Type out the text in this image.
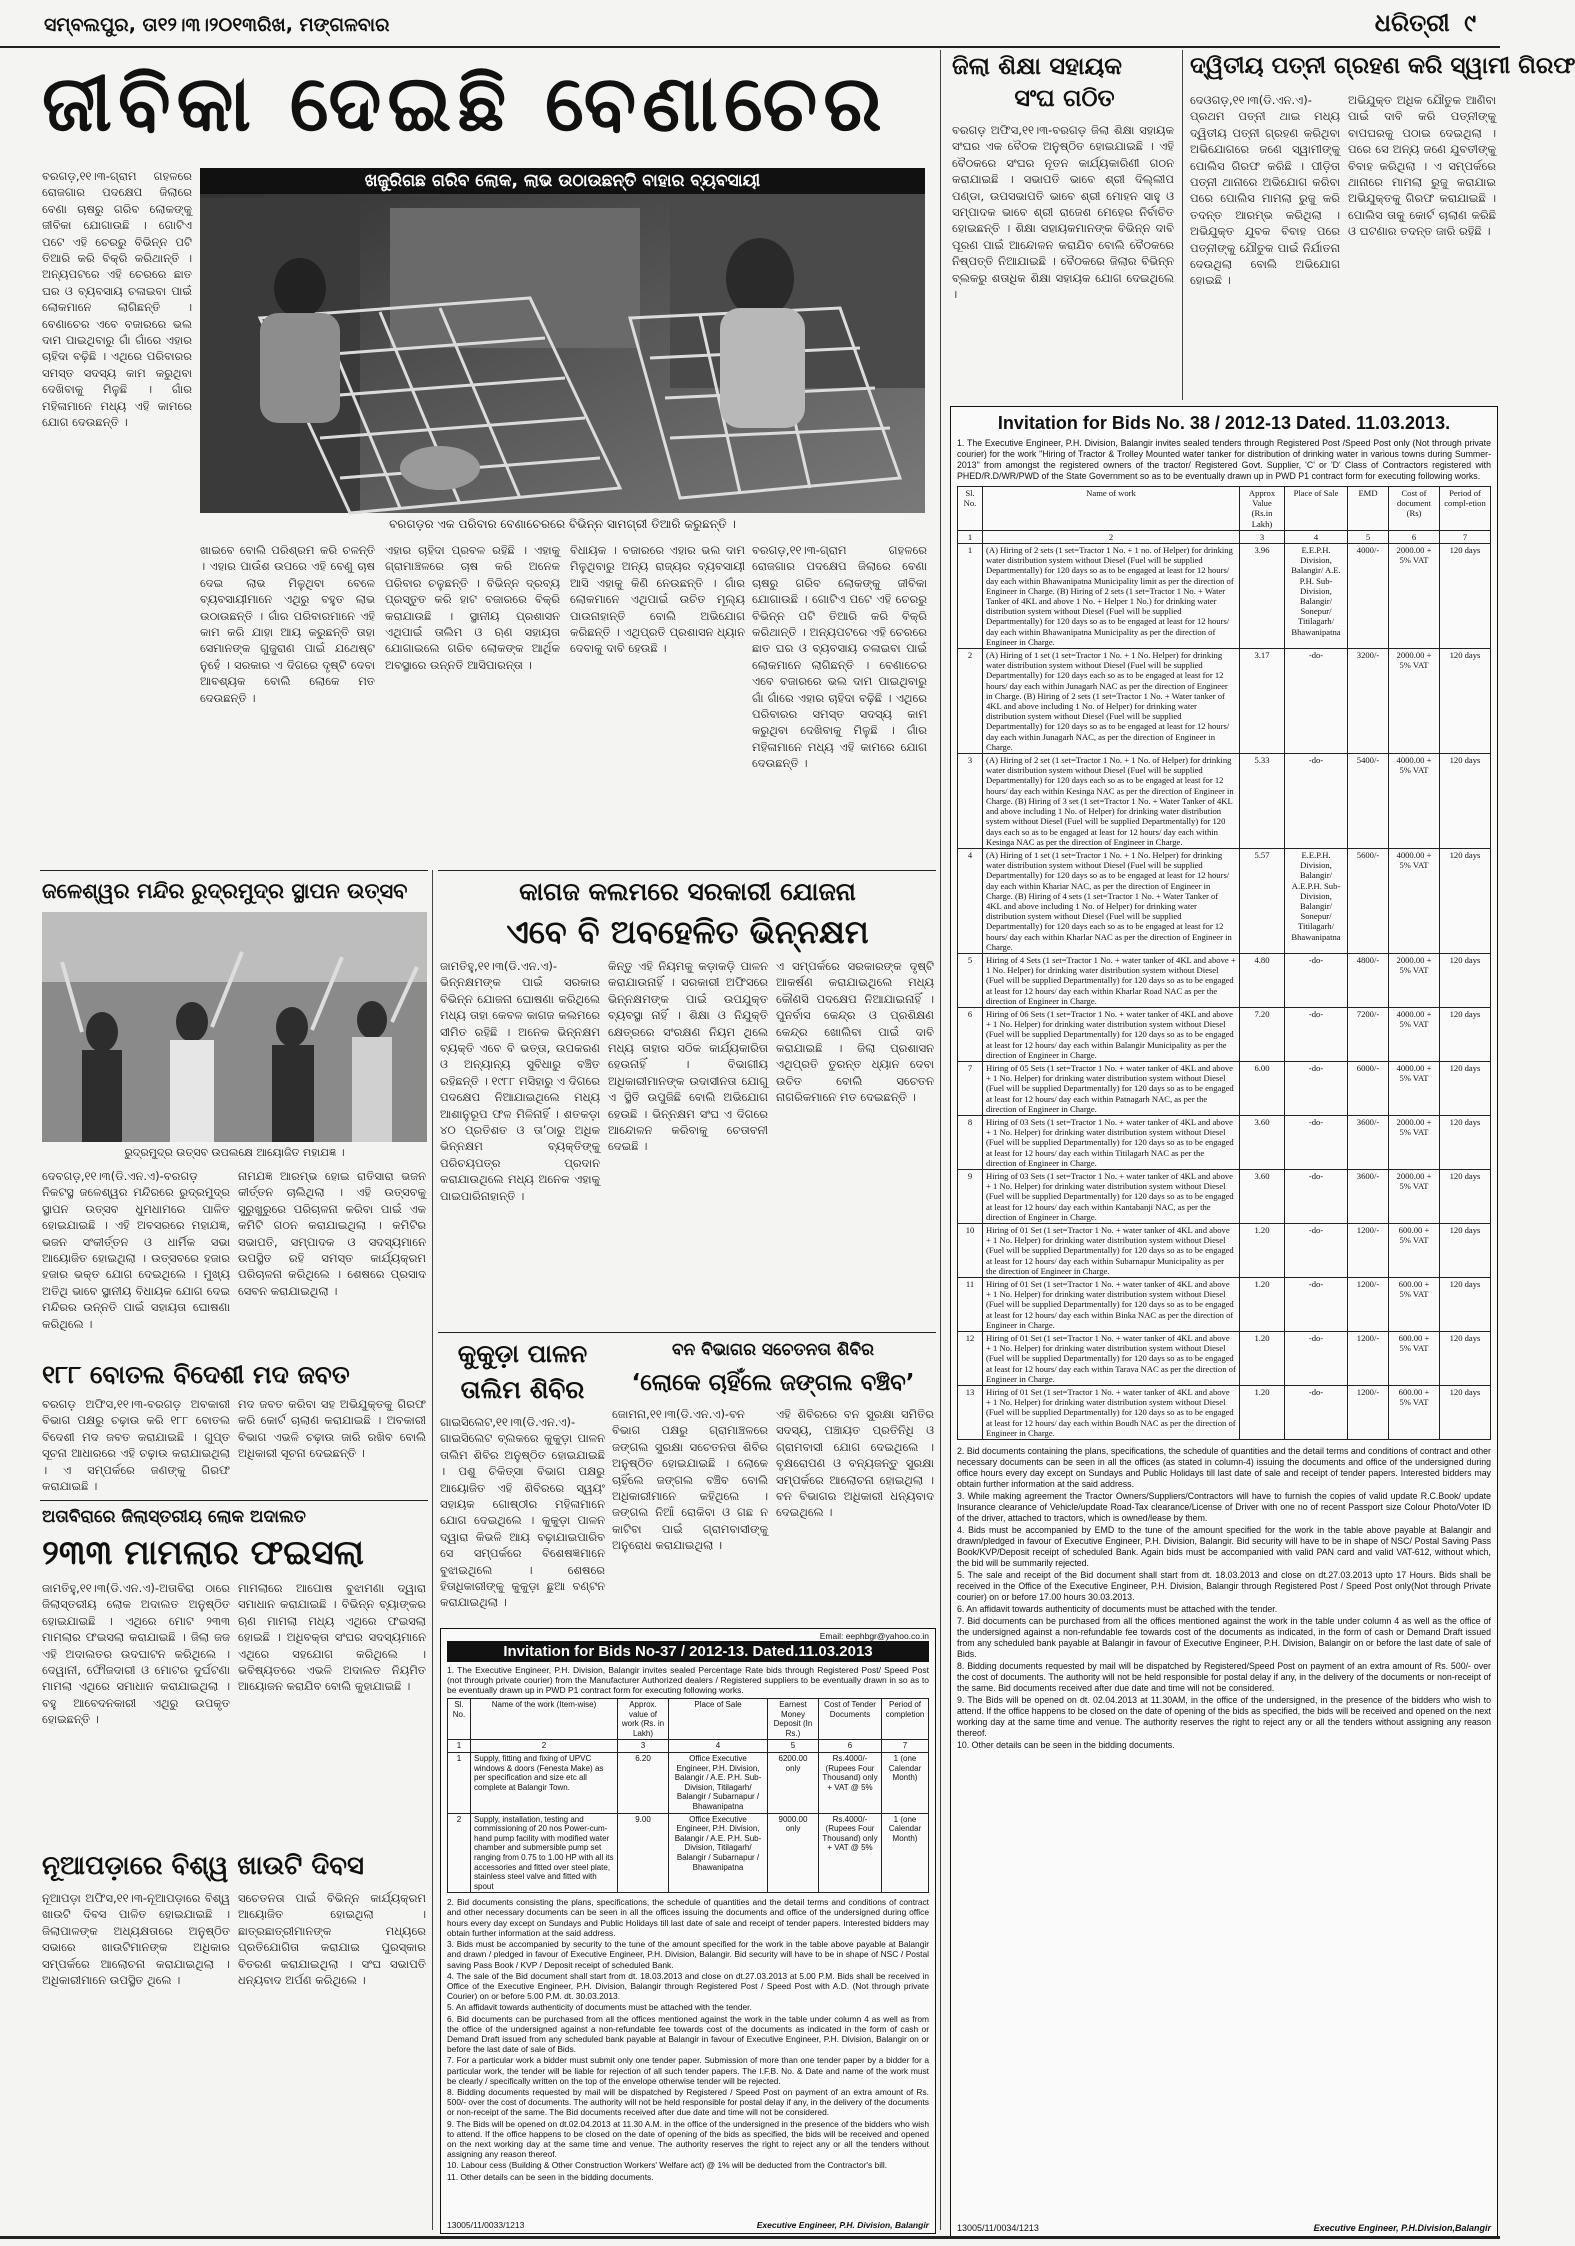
ସମ୍ବଲପୁର, ତା୧୨।୩।୨୦୧୩ରିଖ, ମଙ୍ଗଳବାର	ଧରିତ୍ରୀ ୯
ଜୀବିକା ଦେଇଛି ବେଣାଚେର
ଖଜୁରିଗଛ ଗରିବ ଲୋକ, ଲାଭ ଉଠାଉଛନ୍ତି ବାହାର ବ୍ୟବସାୟୀ
ବରଗଡ଼ର ଏକ ପରିବାର ବେଣାଚେରରେ ବିଭିନ୍ନ ସାମଗ୍ରୀ ତିଆରି କରୁଛନ୍ତି ।
ବରଗଡ଼,୧୧।୩-ଗ୍ରାମ ଗହଳରେ ରୋଜଗାର ପଦକ୍ଷେପ ଜିଲାରେ ବେଣା ଚାଷରୁ ଗରିବ ଲୋକଙ୍କୁ ଜୀବିକା ଯୋଗାଉଛି । ଗୋଟିଏ ପଟେ ଏହି ଚେରରୁ ବିଭିନ୍ନ ପଟି ତିଆରି କରି ବିକ୍ରି କରିଥାନ୍ତି । ଅନ୍ୟପଟରେ ଏହି ଚେରରେ ଛାତ ଘର ଓ ବ୍ୟବସାୟ ଚଳାଇବା ପାଇଁ ଲୋକମାନେ ଲାଗିଛନ୍ତି । ବେଣାଚେର ଏବେ ବଜାରରେ ଭଲ ଦାମ ପାଇଥିବାରୁ ଗାଁ ଗାଁରେ ଏହାର ଚାହିଦା ବଢ଼ିଛି । ଏଥିରେ ପରିବାରର ସମସ୍ତ ସଦସ୍ୟ କାମ କରୁଥିବା ଦେଖିବାକୁ ମିଳୁଛି । ଗାଁର ମହିଳାମାନେ ମଧ୍ୟ ଏହି କାମରେ ଯୋଗ ଦେଉଛନ୍ତି ।
ଖାଇବେ ବୋଲି ପରିଶ୍ରମ କରି ଚଳନ୍ତି । ଏହାର ପାଉଁଶ ଉପରେ ଏହି ବେଣୁ ଚାଷ ଦେଇ ଲାଭ ମିଳୁଥିବା ବେଳେ ବ୍ୟବସାୟୀମାନେ ଏଥିରୁ ବହୁତ ଲାଭ ଉଠାଉଛନ୍ତି । ଗାଁର ପରିବାରମାନେ ଏହି କାମ କରି ଯାହା ଆୟ କରୁଛନ୍ତି ତାହା ସେମାନଙ୍କ ଗୁଜୁରାଣ ପାଇଁ ଯଥେଷ୍ଟ ନୁହେଁ । ସରକାର ଏ ଦିଗରେ ଦୃଷ୍ଟି ଦେବା ଆବଶ୍ୟକ ବୋଲି ଲୋକେ ମତ ଦେଉଛନ୍ତି ।
ଏହାର ଚାହିଦା ପ୍ରବଳ ରହିଛି । ଏହାକୁ ଗ୍ରାମାଞ୍ଚଳରେ ଚାଷ କରି ଅନେକ ପରିବାର ଚଳୁଛନ୍ତି । ବିଭିନ୍ନ ଦ୍ରବ୍ୟ ପ୍ରସ୍ତୁତ କରି ହାଟ ବଜାରରେ ବିକ୍ରି କରାଯାଉଛି । ସ୍ଥାନୀୟ ପ୍ରଶାସନ ଏଥିପାଇଁ ତାଲିମ ଓ ଋଣ ସହାୟତା ଯୋଗାଇଲେ ଗରିବ ଲୋକଙ୍କ ଆର୍ଥିକ ଅବସ୍ଥାରେ ଉନ୍ନତି ଆସିପାରନ୍ତା ।
ବିଧାୟକ । ବଜାରରେ ଏହାର ଭଲ ଦାମ ମିଳୁଥିବାରୁ ଅନ୍ୟ ରାଜ୍ୟର ବ୍ୟବସାୟୀ ଆସି ଏହାକୁ କିଣି ନେଉଛନ୍ତି । ଗାଁର ଲୋକମାନେ ଏଥିପାଇଁ ଉଚିତ ମୂଲ୍ୟ ପାଉନାହାନ୍ତି ବୋଲି ଅଭିଯୋଗ କରିଛନ୍ତି । ଏଥିପ୍ରତି ପ୍ରଶାସନ ଧ୍ୟାନ ଦେବାକୁ ଦାବି ହେଉଛି ।
ବରଗଡ଼,୧୧।୩-ଗ୍ରାମ ଗହଳରେ ରୋଜଗାର ପଦକ୍ଷେପ ଜିଲାରେ ବେଣା ଚାଷରୁ ଗରିବ ଲୋକଙ୍କୁ ଜୀବିକା ଯୋଗାଉଛି । ଗୋଟିଏ ପଟେ ଏହି ଚେରରୁ ବିଭିନ୍ନ ପଟି ତିଆରି କରି ବିକ୍ରି କରିଥାନ୍ତି । ଅନ୍ୟପଟରେ ଏହି ଚେରରେ ଛାତ ଘର ଓ ବ୍ୟବସାୟ ଚଳାଇବା ପାଇଁ ଲୋକମାନେ ଲାଗିଛନ୍ତି । ବେଣାଚେର ଏବେ ବଜାରରେ ଭଲ ଦାମ ପାଇଥିବାରୁ ଗାଁ ଗାଁରେ ଏହାର ଚାହିଦା ବଢ଼ିଛି । ଏଥିରେ ପରିବାରର ସମସ୍ତ ସଦସ୍ୟ କାମ କରୁଥିବା ଦେଖିବାକୁ ମିଳୁଛି । ଗାଁର ମହିଳାମାନେ ମଧ୍ୟ ଏହି କାମରେ ଯୋଗ ଦେଉଛନ୍ତି ।
ଜିଲା ଶିକ୍ଷା ସହାୟକ
ସଂଘ ଗଠିତ
ବରଗଡ଼ ଅଫିସ,୧୧।୩-ବରଗଡ଼ ଜିଲା ଶିକ୍ଷା ସହାୟକ ସଂଘର ଏକ ବୈଠକ ଅନୁଷ୍ଠିତ ହୋଇଯାଇଛି । ଏହି ବୈଠକରେ ସଂଘର ନୂତନ କାର୍ଯ୍ୟକାରିଣୀ ଗଠନ କରାଯାଇଛି । ସଭାପତି ଭାବେ ଶ୍ରୀ ଦିଲ୍ଲୀପ ପଣ୍ଡା, ଉପସଭାପତି ଭାବେ ଶ୍ରୀ ମୋହନ ସାହୁ ଓ ସମ୍ପାଦକ ଭାବେ ଶ୍ରୀ ରାଜେଶ ମେହେର ନିର୍ବାଚିତ ହୋଇଛନ୍ତି । ଶିକ୍ଷା ସହାୟକମାନଙ୍କ ବିଭିନ୍ନ ଦାବି ପୂରଣ ପାଇଁ ଆନ୍ଦୋଳନ କରାଯିବ ବୋଲି ବୈଠକରେ ନିଷ୍ପତ୍ତି ନିଆଯାଇଛି । ବୈଠକରେ ଜିଲାର ବିଭିନ୍ନ ବ୍ଲକରୁ ଶତାଧିକ ଶିକ୍ଷା ସହାୟକ ଯୋଗ ଦେଇଥିଲେ ।
ଦ୍ୱିତୀୟ ପତ୍ନୀ ଗ୍ରହଣ କରି ସ୍ୱାମୀ ଗିରଫ
ଦେଓଗଡ଼,୧୧।୩(ଡି.ଏନ.ଏ)-ପ୍ରଥମ ପତ୍ନୀ ଥାଇ ମଧ୍ୟ ଦ୍ୱିତୀୟ ପତ୍ନୀ ଗ୍ରହଣ କରିଥିବା ଅଭିଯୋଗରେ ଜଣେ ସ୍ୱାମୀଙ୍କୁ ପୋଲିସ ଗିରଫ କରିଛି । ପୀଡ଼ିତା ପତ୍ନୀ ଥାନାରେ ଅଭିଯୋଗ କରିବା ପରେ ପୋଲିସ ମାମଲା ରୁଜୁ କରି ତଦନ୍ତ ଆରମ୍ଭ କରିଥିଲା । ଅଭିଯୁକ୍ତ ଯୁବକ ବିବାହ ପରେ ପତ୍ନୀଙ୍କୁ ଯୌତୁକ ପାଇଁ ନିର୍ଯାତନା ଦେଉଥିଲା ବୋଲି ଅଭିଯୋଗ ହୋଇଛି ।
ଅଭିଯୁକ୍ତ ଅଧିକ ଯୌତୁକ ଆଣିବା ପାଇଁ ଦାବି କରି ପତ୍ନୀଙ୍କୁ ବାପଘରକୁ ପଠାଇ ଦେଇଥିଲା । ପରେ ସେ ଅନ୍ୟ ଜଣେ ଯୁବତୀଙ୍କୁ ବିବାହ କରିଥିଲା । ଏ ସମ୍ପର୍କରେ ଥାନାରେ ମାମଲା ରୁଜୁ କରାଯାଇ ଅଭିଯୁକ୍ତକୁ ଗିରଫ କରାଯାଇଛି । ପୋଲିସ ତାକୁ କୋର୍ଟ ଚାଲାଣ କରିଛି ଓ ଘଟଣାର ତଦନ୍ତ ଜାରି ରହିଛି ।
Invitation for Bids No. 38 / 2012-13 Dated. 11.03.2013.
1. The Executive Engineer, P.H. Division, Balangir invites sealed tenders through Registered Post /Speed Post only (Not through private courier) for the work "Hiring of Tractor & Trolley Mounted water tanker for distribution of drinking water in various towns during Summer-2013" from amongst the registered owners of the tractor/ Registered Govt. Supplier, 'C' or 'D' Class of Contractors registered with PHED/R.D/WR/PWD of the State Government so as to be eventually drawn up in PWD P1 contract form for executing following works.
Sl. No.	Name of work	Approx Value (Rs.in Lakh)	Place of Sale	EMD	Cost of document (Rs)	Period of compl-etion
1	2	3	4	5	6	7
1	(A) Hiring of 2 sets (1 set=Tractor 1 No. + 1 no. of Helper) for drinking water distribution system without Diesel (Fuel will be supplied Departmentally) for 120 days so as to be engaged at least for 12 hours/ day each within Bhawanipatna Municipality limit as per the direction of Engineer in Charge. (B) Hiring of 2 sets (1 set=Tractor 1 No. + Water Tanker of 4KL and above 1 No. + Helper 1 No.) for drinking water distribution system without Diesel (Fuel will be supplied Departmentally) for 120 days so as to be engaged at least for 12 hours/ day each within Bhawanipatna Municipality as per the direction of Engineer in Charge.	3.96	E.E.P.H. Division, Balangir/ A.E. P.H. Sub-Division, Balangir/ Sonepur/ Titilagarh/ Bhawanipatna	4000/-	2000.00 + 5% VAT	120 days
2	(A) Hiring of 1 set (1 set=Tractor 1 No. + 1 No. Helper) for drinking water distribution system without Diesel (Fuel will be supplied Departmentally) for 120 days each so as to be engaged at least for 12 hours/ day each within Junagarh NAC as per the direction of Engineer in Charge. (B) Hiring of 2 sets (1 set=Tractor 1 No. + Water tanker of 4KL and above including 1 No. of Helper) for drinking water distribution system without Diesel (Fuel will be supplied Departmentally) for 120 days so as to be engaged at least for 12 hours/ day each within Junagarh NAC, as per the direction of Engineer in Charge.	3.17	-do-	3200/-	2000.00 + 5% VAT	120 days
3	(A) Hiring of 2 set (1 set=Tractor 1 No. + 1 No. of Helper) for drinking water distribution system without Diesel (Fuel will be supplied Departmentally) for 120 days each so as to be engaged at least for 12 hours/ day each within Kesinga NAC as per the direction of Engineer in Charge. (B) Hiring of 3 set (1 set=Tractor 1 No. + Water Tanker of 4KL and above including 1 No. of Helper) for drinking water distribution system without Diesel (Fuel will be supplied Departmentally) for 120 days each so as to be engaged at least for 12 hours/ day each within Kesinga NAC as per the direction of Engineer in Charge.	5.33	-do-	5400/-	4000.00 + 5% VAT	120 days
4	(A) Hiring of 1 set (1 set=Tractor 1 No. + 1 No. Helper) for drinking water distribution system without Diesel (Fuel will be supplied Departmentally) for 120 days so as to be engaged at least for 12 hours/ day each within Khariar NAC, as per the direction of Engineer in Charge. (B) Hiring of 4 sets (1 set=Tractor 1 No. + Water Tanker of 4KL and above including 1 No. of Helper) for drinking water distribution system without Diesel (Fuel will be supplied Departmentally) for 120 days each so as to be engaged at least for 12 hours/ day each within Kharlar NAC as per the direction of Engineer in Charge.	5.57	E.E.P.H. Division, Balangir/ A.E.P.H. Sub-Division, Balangir/ Sonepur/ Titilagarh/ Bhawanipatna	5600/-	4000.00 + 5% VAT	120 days
5	Hiring of 4 Sets (1 set=Tractor 1 No. + water tanker of 4KL and above + 1 No. Helper) for drinking water distribution system without Diesel (Fuel will be supplied Departmentally) for 120 days so as to be engaged at least for 12 hours/ day each within Kharlar Road NAC as per the direction of Engineer in Charge.	4.80	-do-	4800/-	2000.00 + 5% VAT	120 days
6	Hiring of 06 Sets (1 set=Tractor 1 No. + water tanker of 4KL and above + 1 No. Helper) for drinking water distribution system without Diesel (Fuel will be supplied Departmentally) for 120 days so as to be engaged at least for 12 hours/ day each within Balangir Municipality as per the direction of Engineer in Charge.	7.20	-do-	7200/-	4000.00 + 5% VAT	120 days
7	Hiring of 05 Sets (1 set=Tractor 1 No. + water tanker of 4KL and above + 1 No. Helper) for drinking water distribution system without Diesel (Fuel will be supplied Departmentally) for 120 days so as to be engaged at least for 12 hours/ day each within Patnagarh NAC, as per the direction of Engineer in Charge.	6.00	-do-	6000/-	4000.00 + 5% VAT	120 days
8	Hiring of 03 Sets (1 set=Tractor 1 No. + water tanker of 4KL and above + 1 No. Helper) for drinking water distribution system without Diesel (Fuel will be supplied Departmentally) for 120 days so as to be engaged at least for 12 hours/ day each within Titilagarh NAC as per the direction of Engineer in Charge.	3.60	-do-	3600/-	2000.00 + 5% VAT	120 days
9	Hiring of 03 Sets (1 set=Tractor 1 No. + water tanker of 4KL and above + 1 No. Helper) for drinking water distribution system without Diesel (Fuel will be supplied Departmentally) for 120 days so as to be engaged at least for 12 hours/ day each within Kantabanji NAC, as per the direction of Engineer in Charge.	3.60	-do-	3600/-	2000.00 + 5% VAT	120 days
10	Hiring of 01 Set (1 set=Tractor 1 No. + water tanker of 4KL and above + 1 No. Helper) for drinking water distribution system without Diesel (Fuel will be supplied Departmentally) for 120 days so as to be engaged at least for 12 hours/ day each within Subarnapur Municipality as per the direction of Engineer in Charge.	1.20	-do-	1200/-	600.00 + 5% VAT	120 days
11	Hiring of 01 Set (1 set=Tractor 1 No. + water tanker of 4KL and above + 1 No. Helper) for drinking water distribution system without Diesel (Fuel will be supplied Departmentally) for 120 days so as to be engaged at least for 12 hours/ day each within Binka NAC as per the direction of Engineer in Charge.	1.20	-do-	1200/-	600.00 + 5% VAT	120 days
12	Hiring of 01 Set (1 set=Tractor 1 No. + water tanker of 4KL and above + 1 No. Helper) for drinking water distribution system without Diesel (Fuel will be supplied Departmentally) for 120 days so as to be engaged at least for 12 hours/ day each within Tarava NAC as per the direction of Engineer in Charge.	1.20	-do-	1200/-	600.00 + 5% VAT	120 days
13	Hiring of 01 Set (1 set=Tractor 1 No. + water tanker of 4KL and above + 1 No. Helper) for drinking water distribution system without Diesel (Fuel will be supplied Departmentally) for 120 days so as to be engaged at least for 12 hours/ day each within Boudh NAC as per the direction of Engineer in Charge.	1.20	-do-	1200/-	600.00 + 5% VAT	120 days

2. Bid documents containing the plans, specifications, the schedule of quantities and the detail terms and conditions of contract and other necessary documents can be seen in all the offices (as stated in column-4) issuing the documents and office of the undersigned during office hours every day except on Sundays and Public Holidays till last date of sale and receipt of tender papers. Interested bidders may obtain further information at the said address.

3. While making agreement the Tractor Owners/Suppliers/Contractors will have to furnish the copies of valid update R.C.Book/ update Insurance clearance of Vehicle/update Road-Tax clearance/License of Driver with one no of recent Passport size Colour Photo/Voter ID of the driver, attached to tractors, which is owned/lease by them.

4. Bids must be accompanied by EMD to the tune of the amount specified for the work in the table above payable at Balangir and drawn/pledged in favour of Executive Engineer, P.H. Division, Balangir. Bid security will have to be in shape of NSC/ Postal Saving Pass Book/KVP/Deposit receipt of scheduled Bank. Again bids must be accompanied with valid PAN card and valid VAT-612, without which, the bid will be summarily rejected.

5. The sale and receipt of the Bid document shall start from dt. 18.03.2013 and close on dt.27.03.2013 upto 17 Hours. Bids shall be received in the Office of the Executive Engineer, P.H. Division, Balangir through Registered Post / Speed Post only(Not through Private courier) on or before 17.00 hours 30.03.2013.

6. An affidavit towards authenticity of documents must be attached with the tender.

7. Bid documents can be purchased from all the offices mentioned against the work in the table under column 4 as well as the office of the undersigned against a non-refundable fee towards cost of the documents as indicated, in the form of cash or Demand Draft issued from any scheduled bank payable at Balangir in favour of Executive Engineer, P.H. Division, Balangir on or before the last date of sale of Bids.

8. Bidding documents requested by mail will be dispatched by Registered/Speed Post on payment of an extra amount of Rs. 500/- over the cost of documents. The authority will not be held responsible for postal delay if any, in the delivery of the documents or non-receipt of the same. Bid documents received after due date and time will not be considered.

9. The Bids will be opened on dt. 02.04.2013 at 11.30AM, in the office of the undersigned, in the presence of the bidders who wish to attend. If the office happens to be closed on the date of opening of the bids as specified, the bids will be received and opened on the next working day at the same time and venue. The authority reserves the right to reject any or all the tenders without assigning any reason thereof.

10. Other details can be seen in the bidding documents.

13005/11/0034/1213	Executive Engineer, P.H.Division,Balangir
ଜଳେଶ୍ୱର ମନ୍ଦିର ରୁଦ୍ରମୁଦ୍ର ସ୍ଥାପନ ଉତ୍ସବ
ରୁଦ୍ରମୁଦ୍ର ଉତ୍ସବ ଉପଲକ୍ଷେ ଆୟୋଜିତ ମହାଯଜ୍ଞ ।
ଦେବଗଡ଼,୧୧।୩(ଡି.ଏନ.ଏ)-ବରଗଡ଼ ନିକଟସ୍ଥ ଜଳେଶ୍ୱର ମନ୍ଦିରରେ ରୁଦ୍ରମୁଦ୍ର ସ୍ଥାପନ ଉତ୍ସବ ଧୁମଧାମରେ ପାଳିତ ହୋଇଯାଇଛି । ଏହି ଅବସରରେ ମହାଯଜ୍ଞ, ଭଜନ ସଂକୀର୍ତ୍ତନ ଓ ଧାର୍ମିକ ସଭା ଆୟୋଜିତ ହୋଇଥିଲା । ଉତ୍ସବରେ ହଜାର ହଜାର ଭକ୍ତ ଯୋଗ ଦେଇଥିଲେ । ମୁଖ୍ୟ ଅତିଥି ଭାବେ ସ୍ଥାନୀୟ ବିଧାୟକ ଯୋଗ ଦେଇ ମନ୍ଦିରର ଉନ୍ନତି ପାଇଁ ସହାୟତା ଘୋଷଣା କରିଥିଲେ ।
ନାମଯଜ୍ଞ ଆରମ୍ଭ ହୋଇ ରାତିସାରା ଭଜନ କୀର୍ତ୍ତନ ଚାଲିଥିଲା । ଏହି ଉତ୍ସବକୁ ସୁରୁଖୁରୁରେ ପରିଚାଳନା କରିବା ପାଇଁ ଏକ କମିଟି ଗଠନ କରାଯାଇଥିଲା । କମିଟିର ସଭାପତି, ସମ୍ପାଦକ ଓ ସଦସ୍ୟମାନେ ଉପସ୍ଥିତ ରହି ସମସ୍ତ କାର୍ଯ୍ୟକ୍ରମ ପରିଚାଳନା କରିଥିଲେ । ଶେଷରେ ପ୍ରସାଦ ସେବନ କରାଯାଇଥିଲା ।
୧୮୮ ବୋତଲ ବିଦେଶୀ ମଦ ଜବତ
ବରଗଡ଼ ଅଫିସ,୧୧।୩-ବରଗଡ଼ ଅବକାରୀ ବିଭାଗ ପକ୍ଷରୁ ଚଢ଼ାଉ କରି ୧୮୮ ବୋତଲ ବିଦେଶୀ ମଦ ଜବତ କରାଯାଇଛି । ଗୁପ୍ତ ସୂଚନା ଆଧାରରେ ଏହି ଚଢ଼ାଉ କରାଯାଇଥିଲା । ଏ ସମ୍ପର୍କରେ ଜଣଙ୍କୁ ଗିରଫ କରାଯାଇଛି ।
ମଦ ଜବତ କରିବା ସହ ଅଭିଯୁକ୍ତକୁ ଗିରଫ କରି କୋର୍ଟ ଚାଲାଣ କରାଯାଇଛି । ଅବକାରୀ ବିଭାଗ ଏଭଳି ଚଢ଼ାଉ ଜାରି ରଖିବ ବୋଲି ଅଧିକାରୀ ସୂଚନା ଦେଇଛନ୍ତି ।
ଅତାବିରାରେ ଜିଲାସ୍ତରୀୟ ଲୋକ ଅଦାଲତ
୨୩୩ ମାମଲାର ଫଇସଲା
ଜାମତିହୁ,୧୧।୩(ଡି.ଏନ.ଏ)-ଅତାବିରା ଠାରେ ଜିଲାସ୍ତରୀୟ ଲୋକ ଅଦାଲତ ଅନୁଷ୍ଠିତ ହୋଇଯାଇଛି । ଏଥିରେ ମୋଟ ୨୩୩ ମାମଲାର ଫଇସଲା କରାଯାଇଛି । ଜିଲା ଜଜ ଏହି ଅଦାଲତର ଉଦଘାଟନ କରିଥିଲେ । ଦେୱାନୀ, ଫୌଜଦାରୀ ଓ ମୋଟର ଦୁର୍ଘଟଣା ମାମଲା ଏଥିରେ ସମାଧାନ କରାଯାଇଥିଲା । ବହୁ ଆବେଦନକାରୀ ଏଥିରୁ ଉପକୃତ ହୋଇଛନ୍ତି ।
ମାମଲାରେ ଆପୋଷ ବୁଝାମଣା ଦ୍ୱାରା ସମାଧାନ କରାଯାଇଛି । ବିଭିନ୍ନ ବ୍ୟାଙ୍କର ଋଣ ମାମଲା ମଧ୍ୟ ଏଥିରେ ଫଇସଲା ହୋଇଛି । ଅଧିବକ୍ତା ସଂଘର ସଦସ୍ୟମାନେ ଏଥିରେ ସହଯୋଗ କରିଥିଲେ । ଭବିଷ୍ୟତରେ ଏଭଳି ଅଦାଲତ ନିୟମିତ ଆୟୋଜନ କରାଯିବ ବୋଲି କୁହାଯାଇଛି ।
ନୂଆପଡ଼ାରେ ବିଶ୍ୱ ଖାଉଟି ଦିବସ
ନୂଆପଡ଼ା ଅଫିସ,୧୧।୩-ନୂଆପଡ଼ାରେ ବିଶ୍ୱ ଖାଉଟି ଦିବସ ପାଳିତ ହୋଇଯାଇଛି । ଜିଲାପାଳଙ୍କ ଅଧ୍ୟକ୍ଷତାରେ ଅନୁଷ୍ଠିତ ସଭାରେ ଖାଉଟିମାନଙ୍କ ଅଧିକାର ସମ୍ପର୍କରେ ଆଲୋଚନା କରାଯାଇଥିଲା । ଅଧିକାରୀମାନେ ଉପସ୍ଥିତ ଥିଲେ ।
ସଚେତନତା ପାଇଁ ବିଭିନ୍ନ କାର୍ଯ୍ୟକ୍ରମ ଆୟୋଜିତ ହୋଇଥିଲା । ଛାତ୍ରଛାତ୍ରୀମାନଙ୍କ ମଧ୍ୟରେ ପ୍ରତିଯୋଗିତା କରାଯାଇ ପୁରସ୍କାର ବିତରଣ କରାଯାଇଥିଲା । ସଂଘ ସଭାପତି ଧନ୍ୟବାଦ ଅର୍ପଣ କରିଥିଲେ ।
କାଗଜ କଲମରେ ସରକାରୀ ଯୋଜନା
ଏବେ ବି ଅବହେଳିତ ଭିନ୍ନକ୍ଷମ
ଜାମତିହୁ,୧୧।୩(ଡି.ଏନ.ଏ)-ଭିନ୍ନକ୍ଷମଙ୍କ ପାଇଁ ସରକାର ବିଭିନ୍ନ ଯୋଜନା ଘୋଷଣା କରିଥିଲେ ମଧ୍ୟ ତାହା କେବଳ କାଗଜ କଲମରେ ସୀମିତ ରହିଛି । ଅନେକ ଭିନ୍ନକ୍ଷମ ବ୍ୟକ୍ତି ଏବେ ବି ଭତ୍ତା, ଉପକରଣ ଓ ଅନ୍ୟାନ୍ୟ ସୁବିଧାରୁ ବଞ୍ଚିତ ରହିଛନ୍ତି । ୧୯୮୮ ମସିହାରୁ ଏ ଦିଗରେ ପଦକ୍ଷେପ ନିଆଯାଇଥିଲେ ମଧ୍ୟ ଆଶାନୁରୂପ ଫଳ ମିଳିନାହିଁ । ଶତକଡ଼ା ୪୦ ପ୍ରତିଶତ ଓ ତା’ଠାରୁ ଅଧିକ ଭିନ୍ନକ୍ଷମ ବ୍ୟକ୍ତିଙ୍କୁ ପରିଚୟପତ୍ର ପ୍ରଦାନ କରାଯାଉଥିଲେ ମଧ୍ୟ ଅନେକ ଏହାକୁ ପାଇପାରିନାହାନ୍ତି ।
କିନ୍ତୁ ଏହି ନିୟମକୁ କଡ଼ାକଡ଼ି ପାଳନ କରାଯାଉନାହିଁ । ସରକାରୀ ଅଫିସରେ ଭିନ୍ନକ୍ଷମଙ୍କ ପାଇଁ ଉପଯୁକ୍ତ ବ୍ୟବସ୍ଥା ନାହିଁ । ଶିକ୍ଷା ଓ ନିଯୁକ୍ତି କ୍ଷେତ୍ରରେ ସଂରକ୍ଷଣ ନିୟମ ଥିଲେ ମଧ୍ୟ ତାହାର ସଠିକ କାର୍ଯ୍ୟକାରିତା ହେଉନାହିଁ । ବିଭାଗୀୟ ଅଧିକାରୀମାନଙ୍କ ଉଦାସୀନତା ଯୋଗୁ ଏ ସ୍ଥିତି ଉପୁଜିଛି ବୋଲି ଅଭିଯୋଗ ହେଉଛି । ଭିନ୍ନକ୍ଷମ ସଂଘ ଏ ଦିଗରେ ଆନ୍ଦୋଳନ କରିବାକୁ ଚେତାବନୀ ଦେଇଛି ।
ଏ ସମ୍ପର୍କରେ ସରକାରଙ୍କ ଦୃଷ୍ଟି ଆକର୍ଷଣ କରାଯାଇଥିଲେ ମଧ୍ୟ କୌଣସି ପଦକ୍ଷେପ ନିଆଯାଇନାହିଁ । ପୁନର୍ବାସ କେନ୍ଦ୍ର ଓ ପ୍ରଶିକ୍ଷଣ କେନ୍ଦ୍ର ଖୋଲିବା ପାଇଁ ଦାବି କରାଯାଇଛି । ଜିଲା ପ୍ରଶାସନ ଏଥିପ୍ରତି ତୁରନ୍ତ ଧ୍ୟାନ ଦେବା ଉଚିତ ବୋଲି ସଚେତନ ନାଗରିକମାନେ ମତ ଦେଇଛନ୍ତି ।
କୁକୁଡ଼ା ପାଳନ
ତାଲିମ ଶିବିର
ଗାଇସିଲେଟ,୧୧।୩(ଡି.ଏନ.ଏ)-ଗାଇସିଲେଟ ବ୍ଲକରେ କୁକୁଡ଼ା ପାଳନ ତାଲିମ ଶିବିର ଅନୁଷ୍ଠିତ ହୋଇଯାଇଛି । ପଶୁ ଚିକିତ୍ସା ବିଭାଗ ପକ୍ଷରୁ ଆୟୋଜିତ ଏହି ଶିବିରରେ ସ୍ୱୟଂ ସହାୟକ ଗୋଷ୍ଠୀର ମହିଳାମାନେ ଯୋଗ ଦେଇଥିଲେ । କୁକୁଡ଼ା ପାଳନ ଦ୍ୱାରା କିଭଳି ଆୟ ବଢ଼ାଯାଇପାରିବ ସେ ସମ୍ପର୍କରେ ବିଶେଷଜ୍ଞମାନେ ବୁଝାଇଥିଲେ । ଶେଷରେ ହିତାଧିକାରୀଙ୍କୁ କୁକୁଡ଼ା ଛୁଆ ବଣ୍ଟନ କରାଯାଇଥିଲା ।
ବନ ବିଭାଗର ସଚେତନତା ଶିବିର
‘ଲୋକେ ଚାହିଁଲେ ଜଙ୍ଗଲ ବଞ୍ଚିବ’
ଜୋମନା,୧୧।୩(ଡି.ଏନ.ଏ)-ବନ ବିଭାଗ ପକ୍ଷରୁ ଗ୍ରାମାଞ୍ଚଳରେ ଜଙ୍ଗଲ ସୁରକ୍ଷା ସଚେତନତା ଶିବିର ଅନୁଷ୍ଠିତ ହୋଇଯାଇଛି । ଲୋକେ ଚାହିଁଲେ ଜଙ୍ଗଲ ବଞ୍ଚିବ ବୋଲି ଅଧିକାରୀମାନେ କହିଥିଲେ । ଜଙ୍ଗଲ ନିଆଁ ରୋକିବା ଓ ଗଛ ନ କାଟିବା ପାଇଁ ଗ୍ରାମବାସୀଙ୍କୁ ଅନୁରୋଧ କରାଯାଇଥିଲା ।
ଏହି ଶିବିରରେ ବନ ସୁରକ୍ଷା ସମିତିର ସଦସ୍ୟ, ପଞ୍ଚାୟତ ପ୍ରତିନିଧି ଓ ଗ୍ରାମବାସୀ ଯୋଗ ଦେଇଥିଲେ । ବୃକ୍ଷରୋପଣ ଓ ବନ୍ୟଜନ୍ତୁ ସୁରକ୍ଷା ସମ୍ପର୍କରେ ଆଲୋଚନା ହୋଇଥିଲା । ବନ ବିଭାଗର ଅଧିକାରୀ ଧନ୍ୟବାଦ ଦେଇଥିଲେ ।
Email: eephbgr@yahoo.co.in
Invitation for Bids No-37 / 2012-13. Dated.11.03.2013
1. The Executive Engineer, P.H. Division, Balangir invites sealed Percentage Rate bids through Registered Post/ Speed Post (not through private courier) from the Manufacturer Authorized dealers / Registered suppliers to be eventually drawn in so as to be eventually drawn up in PWD P1 contract form for executing following works.
Sl. No.	Name of the work (Item-wise)	Approx. value of work (Rs. in Lakh)	Place of Sale	Earnest Money Deposit (In Rs.)	Cost of Tender Documents	Period of completion
1	2	3	4	5	6	7
1	Supply, fitting and fixing of UPVC windows & doors (Fenesta Make) as per specification and size etc all complete at Balangir Town.	6.20	Office Executive Engineer, P.H. Division, Balangir / A.E. P.H. Sub-Division, Titilagarh/ Balangir / Subarnapur / Bhawanipatna	6200.00 only	Rs.4000/- (Rupees Four Thousand) only + VAT @ 5%	1 (one Calendar Month)
2	Supply, installation, testing and commissioning of 20 nos Power-cum-hand pump facility with modified water chamber and submersible pump set ranging from 0.75 to 1.00 HP with all its accessories and fitted over steel plate, stainless steel valve and fitted with spout	9.00	Office Executive Engineer, P.H. Division, Balangir / A.E. P.H. Sub-Division, Titilagarh/ Balangir / Subarnapur / Bhawanipatna	9000.00 only	Rs.4000/- (Rupees Four Thousand) only + VAT @ 5%	1 (one Calendar Month)

2. Bid documents consisting the plans, specifications, the schedule of quantities and the detail terms and conditions of contract and other necessary documents can be seen in all the offices issuing the documents and office of the undersigned during office hours every day except on Sundays and Public Holidays till last date of sale and receipt of tender papers. Interested bidders may obtain further information at the said address.

3. Bids must be accompanied by security to the tune of the amount specified for the work in the table above payable at Balangir and drawn / pledged in favour of Executive Engineer, P.H. Division, Balangir. Bid security will have to be in shape of NSC / Postal saving Pass Book / KVP / Deposit receipt of scheduled Bank.

4. The sale of the Bid document shall start from dt. 18.03.2013 and close on dt.27.03.2013 at 5.00 P.M. Bids shall be received in Office of the Executive Engineer, P.H. Division, Balangir through Registered Post / Speed Post with A.D. (Not through private Courier) on or before 5.00 P.M. dt. 30.03.2013.

5. An affidavit towards authenticity of documents must be attached with the tender.

6. Bid documents can be purchased from all the offices mentioned against the work in the table under column 4 as well as from the office of the undersigned against a non-refundable fee towards cost of the documents as indicated in the form of cash or Demand Draft issued from any scheduled bank payable at Balangir in favour of Executive Engineer, P.H. Division, Balangir on or before the last date of sale of Bids.

7. For a particular work a bidder must submit only one tender paper. Submission of more than one tender paper by a bidder for a particular work, the tender will be liable for rejection of all such tender papers. The I.F.B. No. & Date and name of the work must be clearly / specifically written on the top of the envelope otherwise tender will be rejected.

8. Bidding documents requested by mail will be dispatched by Registered / Speed Post on payment of an extra amount of Rs. 500/- over the cost of documents. The authority will not be held responsible for postal delay if any, in the delivery of the documents or non-receipt of the same. The Bid documents received after due date and time will not be considered.

9. The Bids will be opened on dt.02.04.2013 at 11.30 A.M. in the office of the undersigned in the presence of the bidders who wish to attend. If the office happens to be closed on the date of opening of the bids as specified, the bids will be received and opened on the next working day at the same time and venue. The authority reserves the right to reject any or all the tenders without assigning any reason thereof.

10. Labour cess (Building & Other Construction Workers' Welfare act) @ 1% will be deducted from the Contractor's bill.

11. Other details can be seen in the bidding documents.

13005/11/0033/1213	Executive Engineer, P.H. Division, Balangir
